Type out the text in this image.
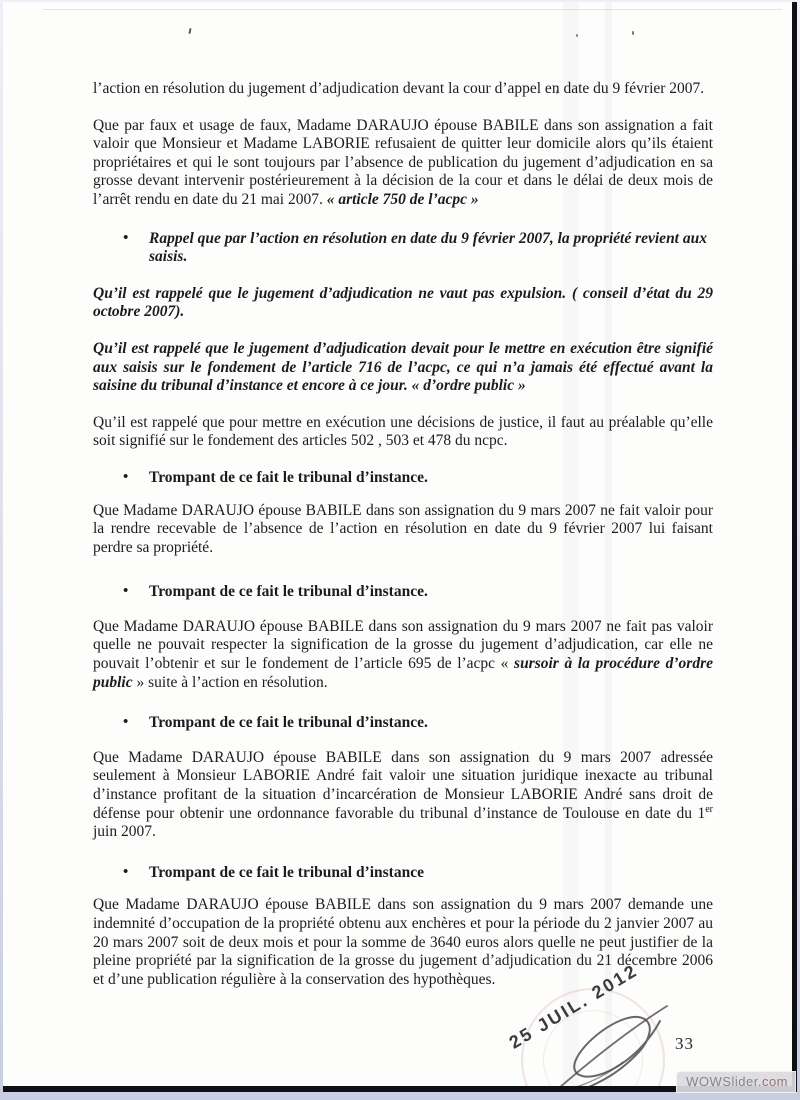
l’action en résolution du jugement d’adjudication devant la cour d’appel en date du 9 février 2007.

Que par faux et usage de faux, Madame DARAUJO épouse BABILE dans son assignation a fait valoir que Monsieur et Madame LABORIE refusaient de quitter leur domicile alors qu’ils étaient propriétaires et qui le sont toujours par l’absence de publication du jugement d’adjudication en sa grosse devant intervenir postérieurement à la décision de la cour et dans le délai de deux mois de l’arrêt rendu en date du 21 mai 2007. « article 750 de l’acpc »

• Rappel que par l’action en résolution en date du 9 février 2007, la propriété revient aux saisis.

Qu’il est rappelé que le jugement d’adjudication ne vaut pas expulsion. ( conseil d’état du 29 octobre 2007).

Qu’il est rappelé que le jugement d’adjudication devait pour le mettre en exécution être signifié aux saisis sur le fondement de l’article 716 de l’acpc, ce qui n’a jamais été effectué avant la saisine du tribunal d’instance et encore à ce jour. « d’ordre public »

Qu’il est rappelé que pour mettre en exécution une décisions de justice, il faut au préalable qu’elle soit signifié sur le fondement des articles 502 , 503 et 478 du ncpc.

• Trompant de ce fait le tribunal d’instance.

Que Madame DARAUJO épouse BABILE dans son assignation du 9 mars 2007 ne fait valoir pour la rendre recevable de l’absence de l’action en résolution en date du 9 février 2007 lui faisant perdre sa propriété.

• Trompant de ce fait le tribunal d’instance.

Que Madame DARAUJO épouse BABILE dans son assignation du 9 mars 2007 ne fait pas valoir quelle ne pouvait respecter la signification de la grosse du jugement d’adjudication, car elle ne pouvait l’obtenir et sur le fondement de l’article 695 de l’acpc « sursoir à la procédure d’ordre public » suite à l’action en résolution.

• Trompant de ce fait le tribunal d’instance.

Que Madame DARAUJO épouse BABILE dans son assignation du 9 mars 2007 adressée seulement à Monsieur LABORIE André fait valoir une situation juridique inexacte au tribunal d’instance profitant de la situation d’incarcération de Monsieur LABORIE André sans droit de défense pour obtenir une ordonnance favorable du tribunal d’instance de Toulouse en date du 1er juin 2007.

• Trompant de ce fait le tribunal d’instance

Que Madame DARAUJO épouse BABILE dans son assignation du 9 mars 2007 demande une indemnité d’occupation de la propriété obtenu aux enchères et pour la période du 2 janvier 2007 au 20 mars 2007 soit de deux mois et pour la somme de 3640 euros alors quelle ne peut justifier de la pleine propriété par la signification de la grosse du jugement d’adjudication du 21 décembre 2006 et d’une publication régulière à la conservation des hypothèques. 25 JUIL. 2012	33
WOWSlider.com
